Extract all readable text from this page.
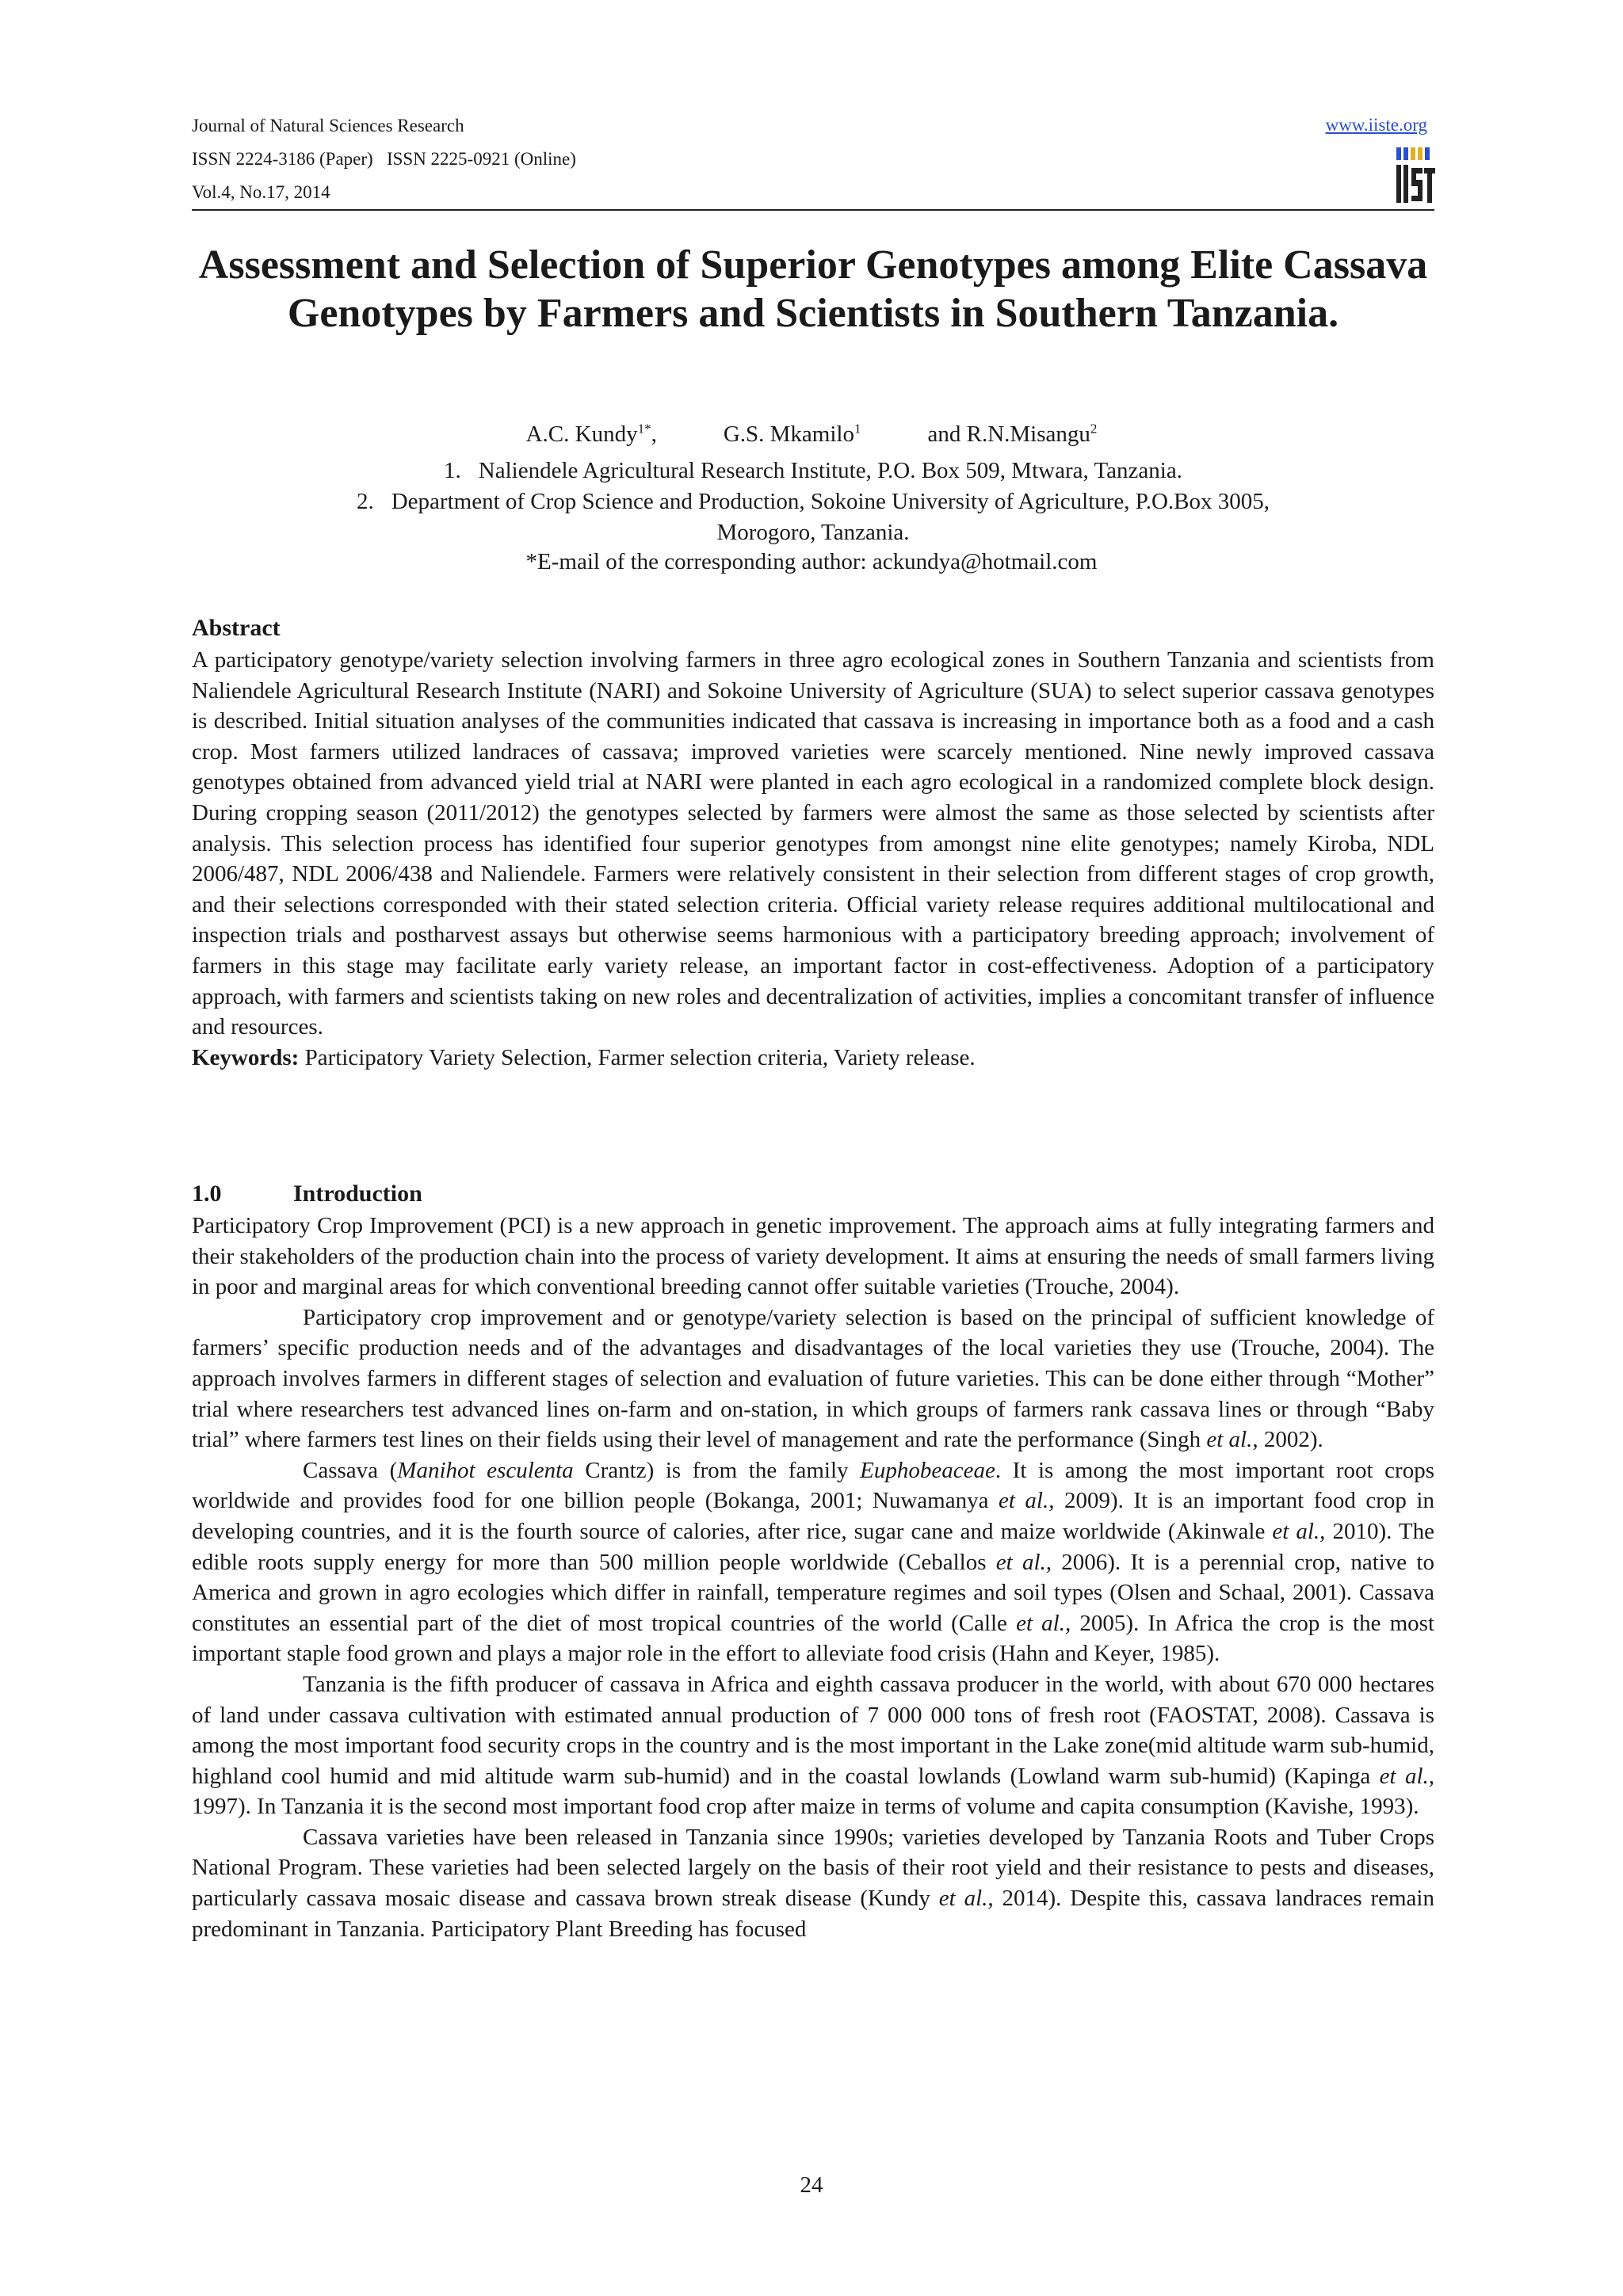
Journal of Natural Sciences Research
ISSN 2224-3186 (Paper)   ISSN 2225-0921 (Online)
Vol.4, No.17, 2014
www.iiste.org
Assessment and Selection of Superior Genotypes among Elite Cassava Genotypes by Farmers and Scientists in Southern Tanzania.
A.C. Kundy$^{1*}$,	G.S. Mkamilo$^1$	and R.N.Misangu$^2$
1. Naliendele Agricultural Research Institute, P.O. Box 509, Mtwara, Tanzania.
2. Department of Crop Science and Production, Sokoine University of Agriculture, P.O.Box 3005,
Morogoro, Tanzania.
*E-mail of the corresponding author: ackundya@hotmail.com
Abstract

A participatory genotype/variety selection involving farmers in three agro ecological zones in Southern Tanzania and scientists from Naliendele Agricultural Research Institute (NARI) and Sokoine University of Agriculture (SUA) to select superior cassava genotypes is described. Initial situation analyses of the communities indicated that cassava is increasing in importance both as a food and a cash crop. Most farmers utilized landraces of cassava; improved varieties were scarcely mentioned. Nine newly improved cassava genotypes obtained from advanced yield trial at NARI were planted in each agro ecological in a randomized complete block design. During cropping season (2011/2012) the genotypes selected by farmers were almost the same as those selected by scientists after analysis. This selection process has identified four superior genotypes from amongst nine elite genotypes; namely Kiroba, NDL 2006/487, NDL 2006/438 and Naliendele. Farmers were relatively consistent in their selection from different stages of crop growth, and their selections corresponded with their stated selection criteria. Official variety release requires additional multilocational and inspection trials and postharvest assays but otherwise seems harmonious with a participatory breeding approach; involvement of farmers in this stage may facilitate early variety release, an important factor in cost-effectiveness. Adoption of a participatory approach, with farmers and scientists taking on new roles and decentralization of activities, implies a concomitant transfer of influence and resources.

Keywords: Participatory Variety Selection, Farmer selection criteria, Variety release.

1.0	Introduction

Participatory Crop Improvement (PCI) is a new approach in genetic improvement. The approach aims at fully integrating farmers and their stakeholders of the production chain into the process of variety development. It aims at ensuring the needs of small farmers living in poor and marginal areas for which conventional breeding cannot offer suitable varieties (Trouche, 2004).

Participatory crop improvement and or genotype/variety selection is based on the principal of sufficient knowledge of farmers’ specific production needs and of the advantages and disadvantages of the local varieties they use (Trouche, 2004). The approach involves farmers in different stages of selection and evaluation of future varieties. This can be done either through “Mother” trial where researchers test advanced lines on-farm and on-station, in which groups of farmers rank cassava lines or through “Baby trial” where farmers test lines on their fields using their level of management and rate the performance (Singh et al., 2002).

Cassava (Manihot esculenta Crantz) is from the family Euphobeaceae. It is among the most important root crops worldwide and provides food for one billion people (Bokanga, 2001; Nuwamanya et al., 2009). It is an important food crop in developing countries, and it is the fourth source of calories, after rice, sugar cane and maize worldwide (Akinwale et al., 2010). The edible roots supply energy for more than 500 million people worldwide (Ceballos et al., 2006). It is a perennial crop, native to America and grown in agro ecologies which differ in rainfall, temperature regimes and soil types (Olsen and Schaal, 2001). Cassava constitutes an essential part of the diet of most tropical countries of the world (Calle et al., 2005). In Africa the crop is the most important staple food grown and plays a major role in the effort to alleviate food crisis (Hahn and Keyer, 1985).

Tanzania is the fifth producer of cassava in Africa and eighth cassava producer in the world, with about 670 000 hectares of land under cassava cultivation with estimated annual production of 7 000 000 tons of fresh root (FAOSTAT, 2008). Cassava is among the most important food security crops in the country and is the most important in the Lake zone(mid altitude warm sub-humid, highland cool humid and mid altitude warm sub-humid) and in the coastal lowlands (Lowland warm sub-humid) (Kapinga et al., 1997). In Tanzania it is the second most important food crop after maize in terms of volume and capita consumption (Kavishe, 1993).

Cassava varieties have been released in Tanzania since 1990s; varieties developed by Tanzania Roots and Tuber Crops National Program. These varieties had been selected largely on the basis of their root yield and their resistance to pests and diseases, particularly cassava mosaic disease and cassava brown streak disease (Kundy et al., 2014). Despite this, cassava landraces remain predominant in Tanzania. Participatory Plant Breeding has focused

24
